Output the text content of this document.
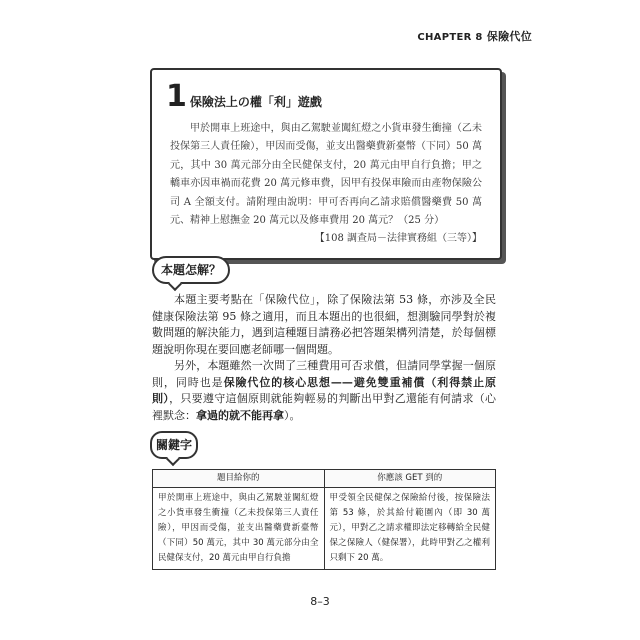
CHAPTER 8 保險代位
1 保險法上の權「利」遊戲

甲於開車上班途中，與由乙駕駛並闖紅燈之小貨車發生衝撞（乙未投保第三人責任險），甲因而受傷，並支出醫藥費新臺幣（下同）50 萬元，其中 30 萬元部分由全民健保支付，20 萬元由甲自行負擔；甲之轎車亦因車禍而花費 20 萬元修車費，因甲有投保車險而由產物保險公司 A 全額支付。請附理由說明：甲可否再向乙請求賠償醫藥費 50 萬元、精神上慰撫金 20 萬元以及修車費用 20 萬元？（25 分）

【108 調查局－法律實務組（三等）】
本題怎解？

本題主要考點在「保險代位」，除了保險法第 53 條，亦涉及全民健康保險法第 95 條之適用，而且本題出的也很細，想測驗同學對於複數問題的解決能力，遇到這種題目請務必把答題架構列清楚，於每個標題說明你現在要回應老師哪一個問題。

另外，本題雖然一次問了三種費用可否求償，但請同學掌握一個原則，同時也是保險代位的核心思想——避免雙重補償（利得禁止原則），只要遵守這個原則就能夠輕易的判斷出甲對乙還能有何請求（心裡默念：拿過的就不能再拿）。

關鍵字
題目給你的	你應該 GET 到的
甲於開車上班途中，與由乙駕駛並闖紅燈之小貨車發生衝撞（乙未投保第三人責任險），甲因而受傷，並支出醫藥費新臺幣（下同）50 萬元，其中 30 萬元部分由全民健保支付，20 萬元由甲自行負擔	甲受領全民健保之保險給付後，按保險法第 53 條，於其給付範圍內（即 30 萬元），甲對乙之請求權即法定移轉給全民健保之保險人（健保署），此時甲對乙之權利只剩下 20 萬。
8–3
